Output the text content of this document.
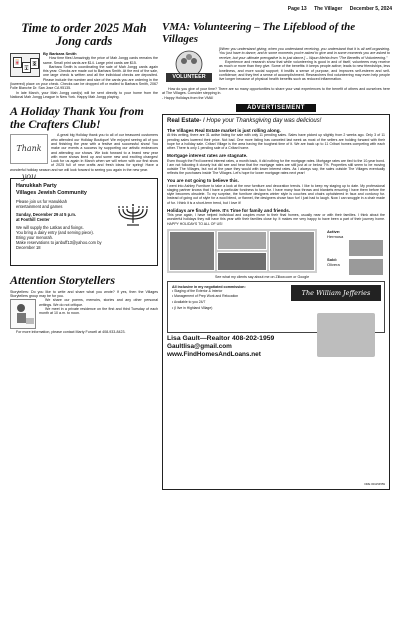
Page 13 The Villager December 5, 2024
Time to order 2025 Mah Jong cards
🀄
🀇
🀙
By Barbara Smith

How time flies! Amazingly the price of Mah Jongg cards remains the same. Small print cards are $14. Large print cards are $15.

Barbara Smith is coordinating the sale of Mah Jongg cards again this year. Checks are made out to Barbara Smith. At the end of the sale, one large check is written and all the individual checks are deposited. Please include the number and size of the cards you are ordering in the (lowered) place on your check. Checks can be dropped off or mailed to Barbara Smith, 2067 Folle Blanche Dr. San Jose CA 95135.

In late March, your Mah Jongg card(s) will be sent directly to your home from the National Mah Jongg League in New York. Happy Mah Jongg playing.

A Holiday Thank You from the Crafters Club!
Thank you

A great big Holiday thank you to all of our treasured customers who attended our Holiday Boutique! We enjoyed seeing all of you and finishing the year with a festive and successful show! You make our events a success by supporting our artistic endeavors and attending our shows. We look forward to a brand new year with more shows lined up and some new and exciting changes! Look for us again in March when we will return with our first show of 2025 full of new crafts and fresh ideas for spring! Have a wonderful holiday season and we will look forward to seeing you again in the new year.

Hanukkah Party
Villages Jewish Community
Please join us for Hanukkah
entertainment and games
Sunday, December 29 at 5 p.m.
at Foothill Center
We will supply the Latkas and fixings.
You bring a dairy entry (and serving piece).
Bring your menorah.
Make reservations to janbuff13@yahoo.com by
December 18
Attention Storytellers

Storytellers: Do you like to write and share what you wrote? If yes, then the Villages Storytellers group may be for you.

We share our poems, memoirs, stories and any other personal writings. We do not critique.

We meet in a private residence on the first and third Tuesday of each month at 10 a.m. to noon.

For more information, please contact Marty Funcell at 408-933-8423.

VMA: Volunteering – The Lifeblood of the Villages
VOLUNTEER

[When you understand giving; when you understand receiving, you understand that it is all self-organizing. You just have to dance, and in some moments you're asked to give and in some moments you are asked to receive, but your ultimate prerogative is to just dance.] – Nipun Mehta from "The Benefits of Volunteering."

Experience and research show that while volunteering is good in and of itself, volunteers may receive as much or more than they give. Some of the benefits: it keeps people active; leads to new friendships, less loneliness, and more social support; it instills a sense of purpose, and improves self-esteem and self-confidence; and they feel a sense of accomplishment. Researchers find volunteering may even help people live longer because of physical health benefits such as reduced inflammation.

How do you give of your time? There are so many opportunities to share your vast experiences to the benefit of others and ourselves here at The Villages. Consider stepping in.

- Happy Holidays from the VMA!

ADVERTISEMENT
Real Estate- I Hope your Thanksgiving day was delicious!
The Villages Real Estate market is just rolling along.

At this writing, there are 31 active listing for sale with only 11 pending sales. Sales have picked up slightly from 2 weeks ago. Only 3 of 11 pending sales lowered their price. Not bad. One more listing has canceled last week as most of the sellers are holding forward with their hope for a holiday sale. Cribari Village is the area having the toughest time of it. We are back up to 11 Cribari homes competing with each other. There is only 1 pending sale of a Cribari home.

Mortgage interest rates are stagnate.

Even though the Fed lowered interest rates, a month back, it did nothing for the mortgage rates. Mortgage rates are tied to the 10-year bond. I am not following it closely but did see and hear that the mortgage rates are still just at or below 7%. Properties still seem to be moving outside The Villages, but not at the pace they would with lower interest rates. As I always say, the sales outside The Villages eventually reflects the purchases inside The Villages. Let's hope for lower mortgage rates next year!

You are not going to believe this.

I went into Ashley Furniture to take a look at the new furniture and decoration trends. I like to keep my staging up to date. My professional staging partner knows that I have a particular fondness to faux fur. I have many faux throws and blankets ensuring I have them before the style becomes obsolete. To my surprise, the furniture designers winter style is couches and chairs upholstered in faux and corduroy fur. Instead of going out of style for a wool blend, or flannel, the designers chose faux fur! I just had to laugh. Now I can snuggle in a chair made of fur. I think it is a short-term trend, but I love it!

Holidays are finally here. It's Time for family and friends.

This year again, I have helped individual and couples move to their final homes, usually near or with their families. I think about the wonderful holidays they will have this year with their families close by. It makes me very happy to have been a part of their journey home. HAPPY HOLIDAYS TO ALL OF US!

Active:
Hermosa
Sold:
Olivera
See what my clients say about me on Zillow.com or Google
All inclusive in my negotiated commission:
• Staging of the Exterior & Interior
• Management of Prep Work and Relocation
• Available to you 24/7
• (I live in Highland Village)
The William Jefferies
Lisa Gault—Realtor 408-202-1959
Gaultlisa@gmail.com
www.FindHomesAndLoans.net
DRE #01154559
